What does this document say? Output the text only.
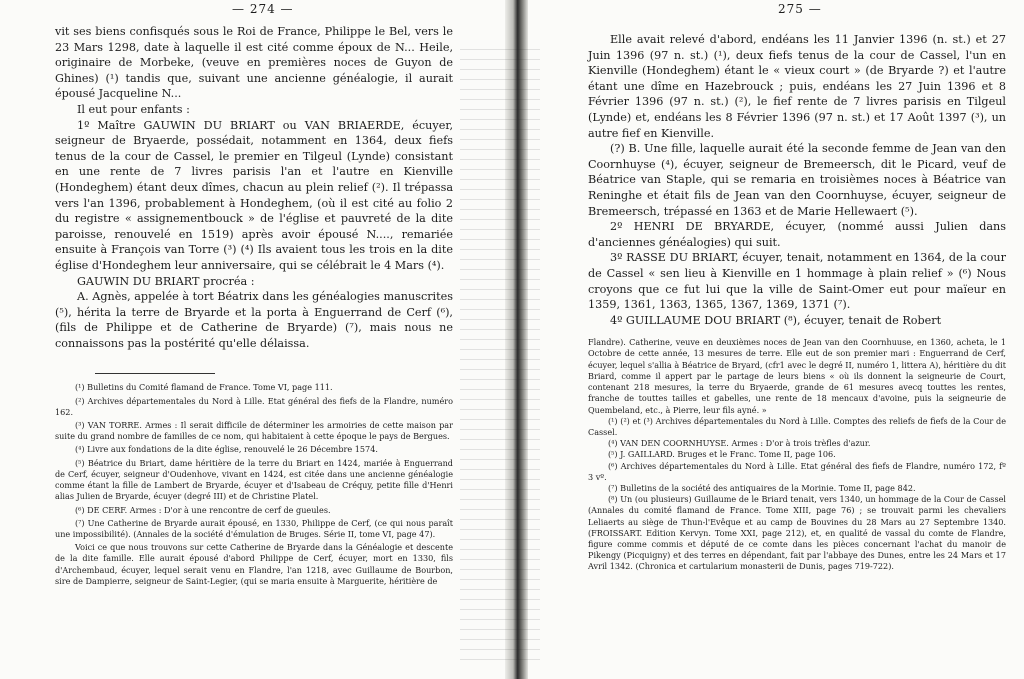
— 274 —

vit ses biens confisqués sous le Roi de France, Philippe le Bel, vers le 23 Mars 1298, date à laquelle il est cité comme époux de N... Heile, originaire de Morbeke, (veuve en premières noces de Guyon de Ghines) (¹) tandis que, suivant une ancienne généalogie, il aurait épousé Jacqueline N...

Il eut pour enfants :

1º Maître GAUWIN DU BRIART ou VAN BRIAERDE, écuyer, seigneur de Bryaerde, possédait, notamment en 1364, deux fiefs tenus de la cour de Cassel, le premier en Tilgeul (Lynde) consistant en une rente de 7 livres parisis l'an et l'autre en Kienville (Hondeghem) étant deux dîmes, chacun au plein relief (²). Il trépassa vers l'an 1396, probablement à Hondeghem, (où il est cité au folio 2 du registre « assignementbouck » de l'église et pauvreté de la dite paroisse, renouvelé en 1519) après avoir épousé N...., remariée ensuite à François van Torre (³) (⁴) Ils avaient tous les trois en la dite église d'Hondeghem leur anniversaire, qui se célébrait le 4 Mars (⁴).

GAUWIN DU BRIART procréa :

A. Agnès, appelée à tort Béatrix dans les généalogies manuscrites (⁵), hérita la terre de Bryarde et la porta à Enguerrand de Cerf (⁶), (fils de Philippe et de Catherine de Bryarde) (⁷), mais nous ne connaissons pas la postérité qu'elle délaissa.

(¹) Bulletins du Comité flamand de France. Tome VI, page 111.

(²) Archives départementales du Nord à Lille. Etat général des fiefs de la Flandre, numéro 162.

(³) VAN TORRE. Armes : Il serait difficile de déterminer les armoiries de cette maison par suite du grand nombre de familles de ce nom, qui habitaient à cette époque le pays de Bergues.

(⁴) Livre aux fondations de la dite église, renouvelé le 26 Décembre 1574.

(⁵) Béatrice du Briart, dame héritière de la terre du Briart en 1424, mariée à Enguerrand de Cerf, écuyer, seigneur d'Oudenhove, vivant en 1424, est citée dans une ancienne généalogie comme étant la fille de Lambert de Bryarde, écuyer et d'Isabeau de Créquy, petite fille d'Henri alias Julien de Bryarde, écuyer (degré III) et de Christine Platel.

(⁶) DE CERF. Armes : D'or à une rencontre de cerf de gueules.

(⁷) Une Catherine de Bryarde aurait épousé, en 1330, Philippe de Cerf, (ce qui nous paraît une impossibilité). (Annales de la société d'émulation de Bruges. Série II, tome VI, page 47).

Voici ce que nous trouvons sur cette Catherine de Bryarde dans la Généalogie et descente de la dite famille. Elle aurait épousé d'abord Philippe de Cerf, écuyer, mort en 1330, fils d'Archembaud, écuyer, lequel serait venu en Flandre, l'an 1218, avec Guillaume de Bourbon, sire de Dampierre, seigneur de Saint-Legier, (qui se maria ensuite à Marguerite, héritière de

275 —

Elle avait relevé d'abord, endéans les 11 Janvier 1396 (n. st.) et 27 Juin 1396 (97 n. st.) (¹), deux fiefs tenus de la cour de Cassel, l'un en Kienville (Hondeghem) étant le « vieux court » (de Bryarde ?) et l'autre étant une dîme en Hazebrouck ; puis, endéans les 27 Juin 1396 et 8 Février 1396 (97 n. st.) (²), le fief rente de 7 livres parisis en Tilgeul (Lynde) et, endéans les 8 Février 1396 (97 n. st.) et 17 Août 1397 (³), un autre fief en Kienville.

(?) B. Une fille, laquelle aurait été la seconde femme de Jean van den Coornhuyse (⁴), écuyer, seigneur de Bremeersch, dit le Picard, veuf de Béatrice van Staple, qui se remaria en troisièmes noces à Béatrice van Reninghe et était fils de Jean van den Coornhuyse, écuyer, seigneur de Bremeersch, trépassé en 1363 et de Marie Hellewaert (⁵).

2º HENRI DE BRYARDE, écuyer, (nommé aussi Julien dans d'anciennes généalogies) qui suit.

3º RASSE DU BRIART, écuyer, tenait, notamment en 1364, de la cour de Cassel « sen lieu à Kienville en 1 hommage à plain relief » (⁶) Nous croyons que ce fut lui que la ville de Saint-Omer eut pour maïeur en 1359, 1361, 1363, 1365, 1367, 1369, 1371 (⁷).

4º GUILLAUME DOU BRIART (⁸), écuyer, tenait de Robert

Flandre). Catherine, veuve en deuxièmes noces de Jean van den Coornhuuse, en 1360, acheta, le 1 Octobre de cette année, 13 mesures de terre. Elle eut de son premier mari : Enguerrand de Cerf, écuyer, lequel s'allia à Béatrice de Bryard, (cfr1 avec le degré II, numéro 1, littera A), héritière du dit Briard, comme il appert par le partage de leurs biens « où ils donnent la seigneurie de Court, contenant 218 mesures, la terre du Bryaerde, grande de 61 mesures avecq touttes les rentes, franche de touttes tailles et gabelles, une rente de 18 mencaux d'avoine, puis la seigneurie de Quembeland, etc., à Pierre, leur fils ayné. »

(¹) (²) et (³) Archives départementales du Nord à Lille. Comptes des reliefs de fiefs de la Cour de Cassel.

(⁴) VAN DEN COORNHUYSE. Armes : D'or à trois trèfles d'azur.

(⁵) J. GAILLARD. Bruges et le Franc. Tome II, page 106.

(⁶) Archives départementales du Nord à Lille. Etat général des fiefs de Flandre, numéro 172, fº 3 vº.

(⁷) Bulletins de la société des antiquaires de la Morinie. Tome II, page 842.

(⁸) Un (ou plusieurs) Guillaume de le Briard tenait, vers 1340, un hommage de la Cour de Cassel (Annales du comité flamand de France. Tome XIII, page 76) ; se trouvait parmi les chevaliers Leliaerts au siège de Thun-l'Evêque et au camp de Bouvines du 28 Mars au 27 Septembre 1340. (FROISSART. Edition Kervyn. Tome XXI, page 212), et, en qualité de vassal du comte de Flandre, figure comme commis et député de ce comte dans les pièces concernant l'achat du manoir de Pikengy (Picquigny) et des terres en dépendant, fait par l'abbaye des Dunes, entre les 24 Mars et 17 Avril 1342. (Chronica et cartularium monasterii de Dunis, pages 719-722).
